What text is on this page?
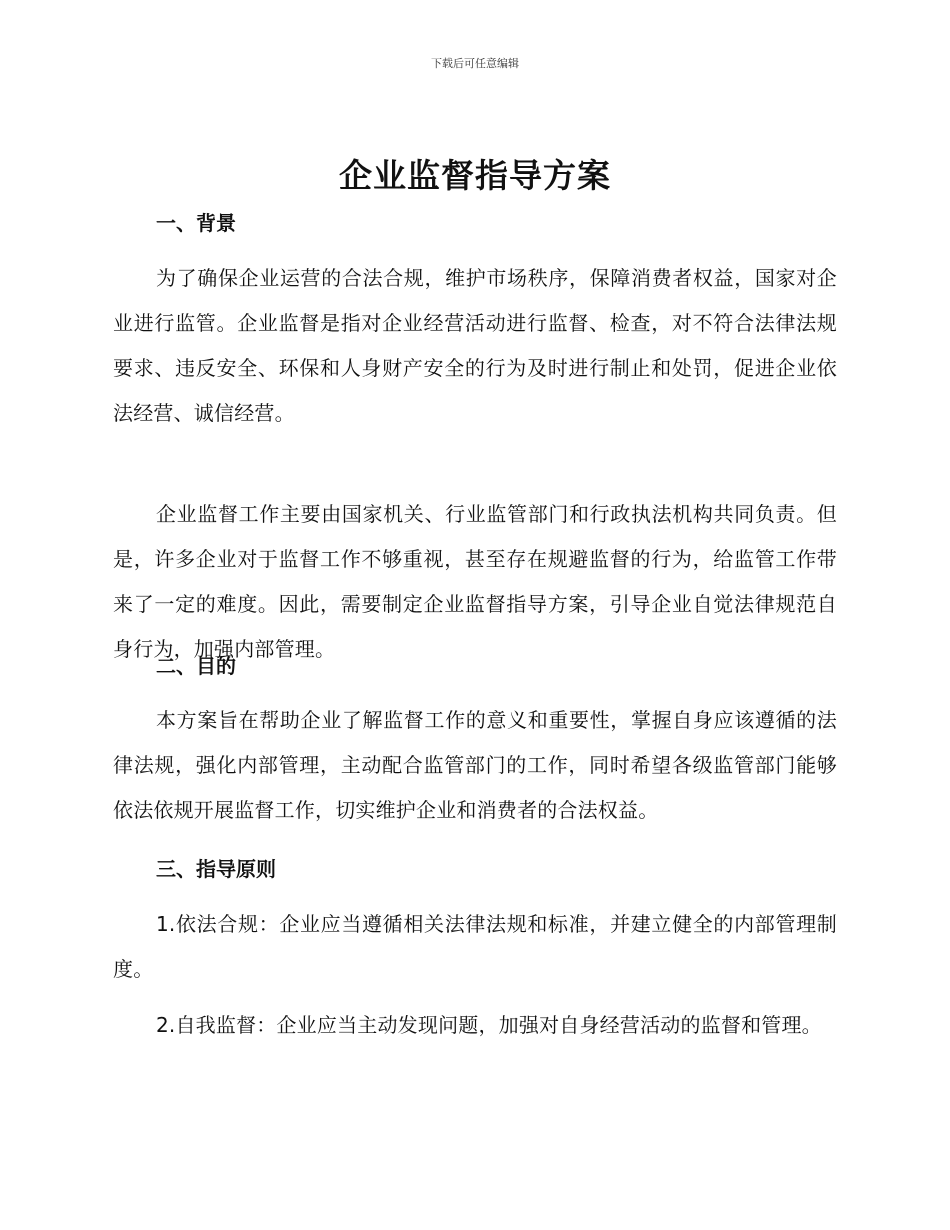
下载后可任意编辑
企业监督指导方案
一、背景

为了确保企业运营的合法合规，维护市场秩序，保障消费者权益，国家对企业进行监管。企业监督是指对企业经营活动进行监督、检查，对不符合法律法规要求、违反安全、环保和人身财产安全的行为及时进行制止和处罚，促进企业依法经营、诚信经营。

企业监督工作主要由国家机关、行业监管部门和行政执法机构共同负责。但是，许多企业对于监督工作不够重视，甚至存在规避监督的行为，给监管工作带来了一定的难度。因此，需要制定企业监督指导方案，引导企业自觉法律规范自身行为，加强内部管理。

二、目的

本方案旨在帮助企业了解监督工作的意义和重要性，掌握自身应该遵循的法律法规，强化内部管理，主动配合监管部门的工作，同时希望各级监管部门能够依法依规开展监督工作，切实维护企业和消费者的合法权益。

三、指导原则

1.依法合规：企业应当遵循相关法律法规和标准，并建立健全的内部管理制度。

2.自我监督：企业应当主动发现问题，加强对自身经营活动的监督和管理。
